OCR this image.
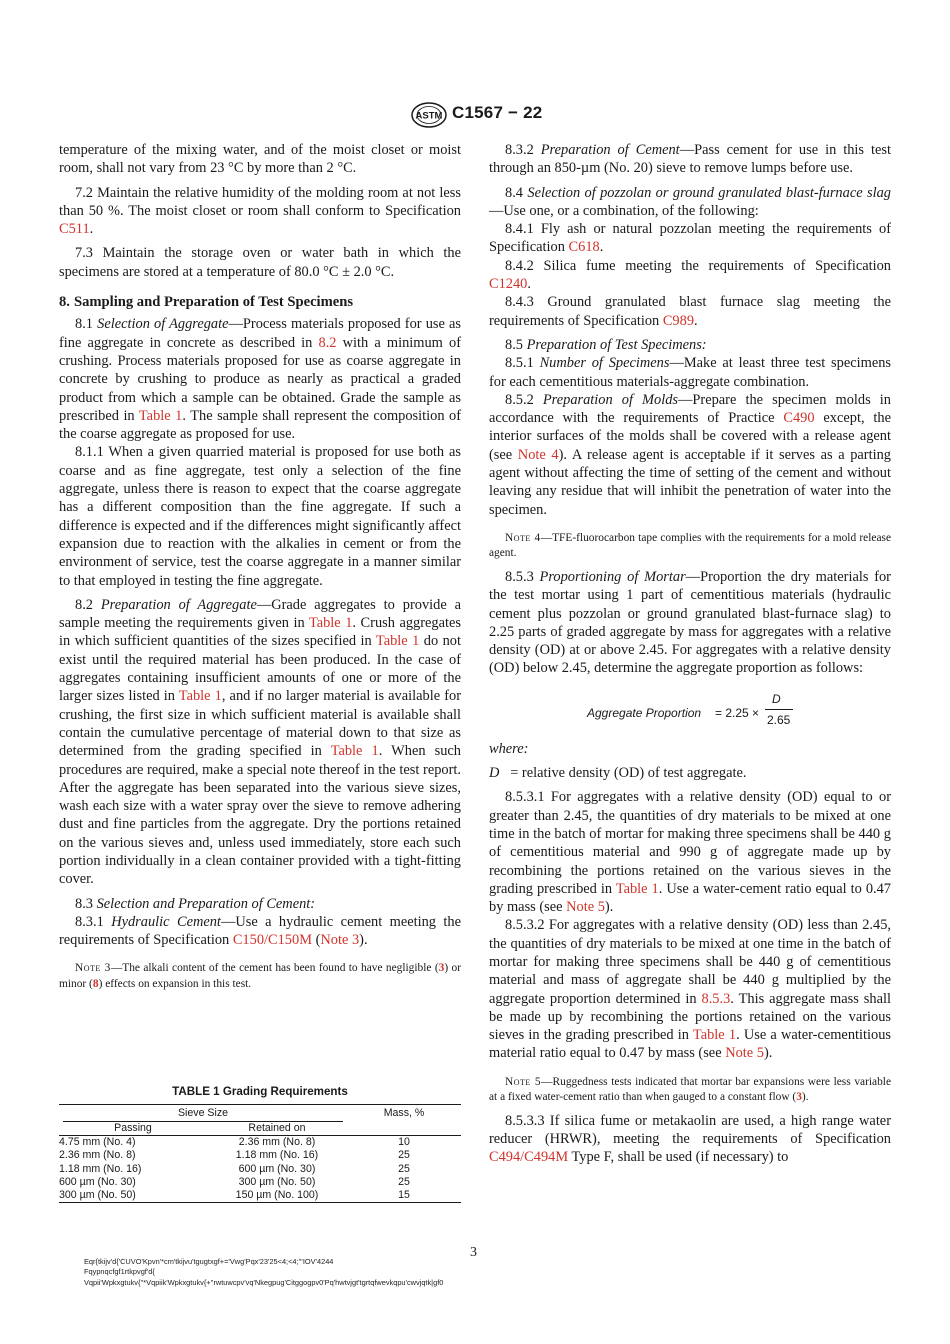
ASTM C1567 − 22

temperature of the mixing water, and of the moist closet or moist room, shall not vary from 23 °C by more than 2 °C.

7.2 Maintain the relative humidity of the molding room at not less than 50 %. The moist closet or room shall conform to Specification C511.

7.3 Maintain the storage oven or water bath in which the specimens are stored at a temperature of 80.0 °C ± 2.0 °C.

8. Sampling and Preparation of Test Specimens

8.1 Selection of Aggregate—Process materials proposed for use as fine aggregate in concrete as described in 8.2 with a minimum of crushing. Process materials proposed for use as coarse aggregate in concrete by crushing to produce as nearly as practical a graded product from which a sample can be obtained. Grade the sample as prescribed in Table 1. The sample shall represent the composition of the coarse aggregate as proposed for use.

8.1.1 When a given quarried material is proposed for use both as coarse and as fine aggregate, test only a selection of the fine aggregate, unless there is reason to expect that the coarse aggregate has a different composition than the fine aggregate. If such a difference is expected and if the differences might significantly affect expansion due to reaction with the alkalies in cement or from the environment of service, test the coarse aggregate in a manner similar to that employed in testing the fine aggregate.

8.2 Preparation of Aggregate—Grade aggregates to provide a sample meeting the requirements given in Table 1. Crush aggregates in which sufficient quantities of the sizes specified in Table 1 do not exist until the required material has been produced. In the case of aggregates containing insufficient amounts of one or more of the larger sizes listed in Table 1, and if no larger material is available for crushing, the first size in which sufficient material is available shall contain the cumulative percentage of material down to that size as determined from the grading specified in Table 1. When such procedures are required, make a special note thereof in the test report. After the aggregate has been separated into the various sieve sizes, wash each size with a water spray over the sieve to remove adhering dust and fine particles from the aggregate. Dry the portions retained on the various sieves and, unless used immediately, store each such portion individually in a clean container provided with a tight-fitting cover.

8.3 Selection and Preparation of Cement:

8.3.1 Hydraulic Cement—Use a hydraulic cement meeting the requirements of Specification C150/C150M (Note 3).

Note 3—The alkali content of the cement has been found to have negligible (3) or minor (8) effects on expansion in this test.

TABLE 1 Grading Requirements
Sieve Size		Mass, %
Passing	Retained on	
4.75 mm (No. 4)	2.36 mm (No. 8)	10
2.36 mm (No. 8)	1.18 mm (No. 16)	25
1.18 mm (No. 16)	600 µm (No. 30)	25
600 µm (No. 30)	300 µm (No. 50)	25
300 µm (No. 50)	150 µm (No. 100)	15

8.3.2 Preparation of Cement—Pass cement for use in this test through an 850-µm (No. 20) sieve to remove lumps before use.

8.4 Selection of pozzolan or ground granulated blast-furnace slag—Use one, or a combination, of the following:

8.4.1 Fly ash or natural pozzolan meeting the requirements of Specification C618.

8.4.2 Silica fume meeting the requirements of Specification C1240.

8.4.3 Ground granulated blast furnace slag meeting the requirements of Specification C989.

8.5 Preparation of Test Specimens:

8.5.1 Number of Specimens—Make at least three test specimens for each cementitious materials-aggregate combination.

8.5.2 Preparation of Molds—Prepare the specimen molds in accordance with the requirements of Practice C490 except, the interior surfaces of the molds shall be covered with a release agent (see Note 4). A release agent is acceptable if it serves as a parting agent without affecting the time of setting of the cement and without leaving any residue that will inhibit the penetration of water into the specimen.

Note 4—TFE-fluorocarbon tape complies with the requirements for a mold release agent.

8.5.3 Proportioning of Mortar—Proportion the dry materials for the test mortar using 1 part of cementitious materials (hydraulic cement plus pozzolan or ground granulated blast-furnace slag) to 2.25 parts of graded aggregate by mass for aggregates with a relative density (OD) at or above 2.45. For aggregates with a relative density (OD) below 2.45, determine the aggregate proportion as follows:

Aggregate Proportion = 2.25 ×
D
2.65

where:

D = relative density (OD) of test aggregate.

8.5.3.1 For aggregates with a relative density (OD) equal to or greater than 2.45, the quantities of dry materials to be mixed at one time in the batch of mortar for making three specimens shall be 440 g of cementitious material and 990 g of aggregate made up by recombining the portions retained on the various sieves in the grading prescribed in Table 1. Use a water-cement ratio equal to 0.47 by mass (see Note 5).

8.5.3.2 For aggregates with a relative density (OD) less than 2.45, the quantities of dry materials to be mixed at one time in the batch of mortar for making three specimens shall be 440 g of cementitious material and mass of aggregate shall be 440 g multiplied by the aggregate proportion determined in 8.5.3. This aggregate mass shall be made up by recombining the portions retained on the various sieves in the grading prescribed in Table 1. Use a water-cementitious material ratio equal to 0.47 by mass (see Note 5).

Note 5—Ruggedness tests indicated that mortar bar expansions were less variable at a fixed water-cement ratio than when gauged to a constant flow (3).

8.5.3.3 If silica fume or metakaolin are used, a high range water reducer (HRWR), meeting the requirements of Specification C494/C494M Type F, shall be used (if necessary) to

3
Eqr{tkijv'd{'CUVO'Kpvn'*cm'tkijvu'tgugtxgf+='Vwg'Pqx'23'25<4;<4;'''IOV'4244
Fqypnqcfgf1rtkpvgf'd{
Vqpii'Wpkxgtukv{''*Vqpiik'Wpkxgtukv{+''rwtuwcpv'vq'Nkegpug'Citggogpv0'Pq'hwtvjgt'tgrtqfwevkqpu'cwvjqtk|gf0
